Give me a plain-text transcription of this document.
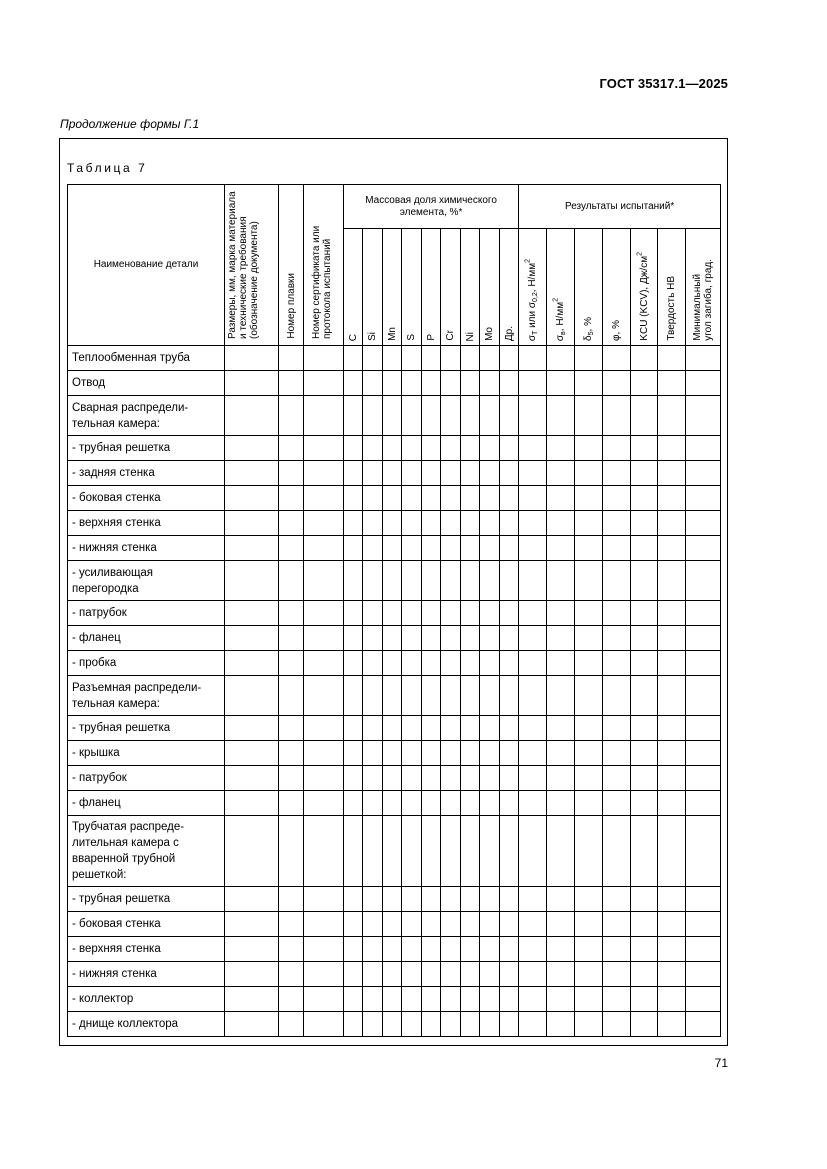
ГОСТ 35317.1—2025
Продолжение формы Г.1
Таблица 7
Наименование детали	Размеры, мм, марка материала и технические требования (обозначение документа)	Номер плавки	Номер сертификата или протокола испытаний	Массовая доля химического элемента, %*									Результаты испытаний*						

				C	Si	Mn	S	P	Cr	Ni	Mo	Др.	$\sigma_Т$ или $\sigma_{0,2}$, $Н/мм^2$	$\sigma_в$, $Н/мм^2$	$\delta_5$, %	φ, %	KCU (KCV), $Дж/см^2$	Твердость НВ	Минимальный
угол загиба, град.

Теплообменная труба																			
Отвод																			
Сварная распредели-тельная камера:																			
- трубная решетка																			
- задняя стенка																			
- боковая стенка																			
- верхняя стенка																			
- нижняя стенка																			
- усиливающая перегородка																			
- патрубок																			
- фланец																			
- пробка																			
Разъемная распредели-тельная камера:																			
- трубная решетка																			
- крышка																			
- патрубок																			
- фланец																			
Трубчатая распреде-лительная камера с вваренной трубной решеткой:																			
- трубная решетка																			
- боковая стенка																			
- верхняя стенка																			
- нижняя стенка																			
- коллектор																			
- днище коллектора																			
71
